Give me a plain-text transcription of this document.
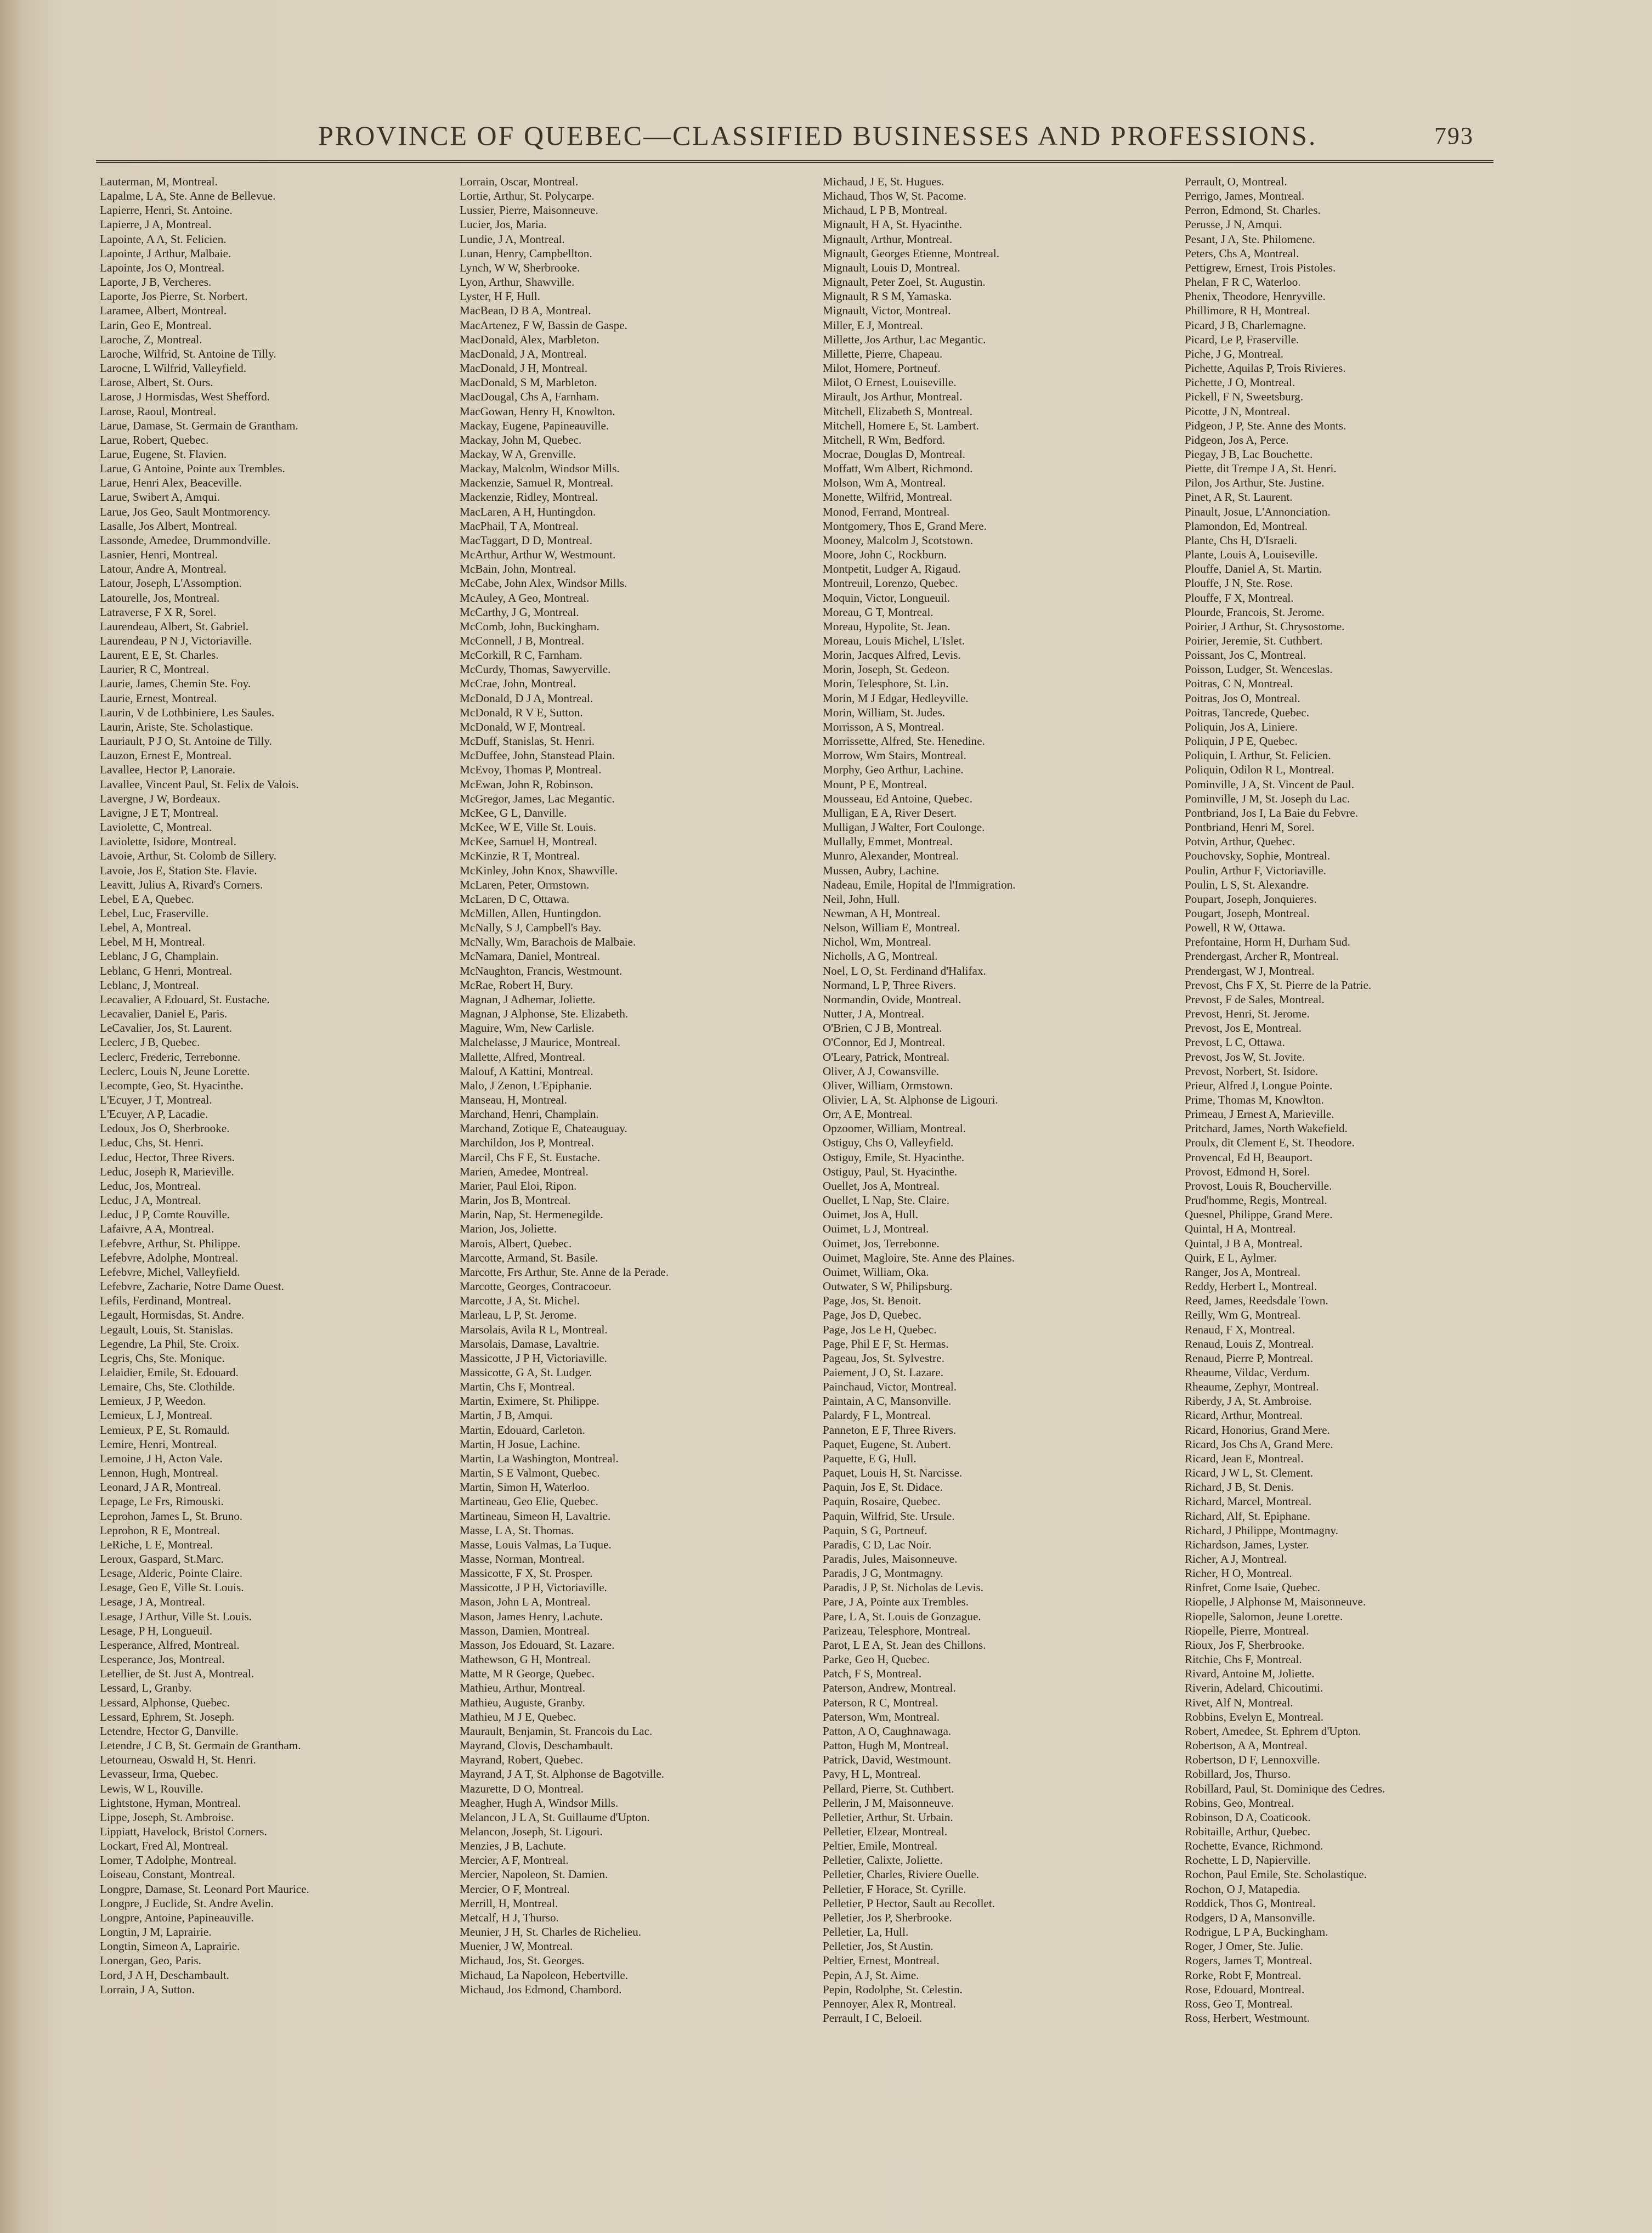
PROVINCE OF QUEBEC—CLASSIFIED BUSINESSES AND PROFESSIONS.	793
Lauterman, M, Montreal.
Lapalme, L A, Ste. Anne de Bellevue.
Lapierre, Henri, St. Antoine.
Lapierre, J A, Montreal.
Lapointe, A A, St. Felicien.
Lapointe, J Arthur, Malbaie.
Lapointe, Jos O, Montreal.
Laporte, J B, Vercheres.
Laporte, Jos Pierre, St. Norbert.
Laramee, Albert, Montreal.
Larin, Geo E, Montreal.
Laroche, Z, Montreal.
Laroche, Wilfrid, St. Antoine de Tilly.
Larocne, L Wilfrid, Valleyfield.
Larose, Albert, St. Ours.
Larose, J Hormisdas, West Shefford.
Larose, Raoul, Montreal.
Larue, Damase, St. Germain de Grantham.
Larue, Robert, Quebec.
Larue, Eugene, St. Flavien.
Larue, G Antoine, Pointe aux Trembles.
Larue, Henri Alex, Beaceville.
Larue, Swibert A, Amqui.
Larue, Jos Geo, Sault Montmorency.
Lasalle, Jos Albert, Montreal.
Lassonde, Amedee, Drummondville.
Lasnier, Henri, Montreal.
Latour, Andre A, Montreal.
Latour, Joseph, L'Assomption.
Latourelle, Jos, Montreal.
Latraverse, F X R, Sorel.
Laurendeau, Albert, St. Gabriel.
Laurendeau, P N J, Victoriaville.
Laurent, E E, St. Charles.
Laurier, R C, Montreal.
Laurie, James, Chemin Ste. Foy.
Laurie, Ernest, Montreal.
Laurin, V de Lothbiniere, Les Saules.
Laurin, Ariste, Ste. Scholastique.
Lauriault, P J O, St. Antoine de Tilly.
Lauzon, Ernest E, Montreal.
Lavallee, Hector P, Lanoraie.
Lavallee, Vincent Paul, St. Felix de Valois.
Lavergne, J W, Bordeaux.
Lavigne, J E T, Montreal.
Laviolette, C, Montreal.
Laviolette, Isidore, Montreal.
Lavoie, Arthur, St. Colomb de Sillery.
Lavoie, Jos E, Station Ste. Flavie.
Leavitt, Julius A, Rivard's Corners.
Lebel, E A, Quebec.
Lebel, Luc, Fraserville.
Lebel, A, Montreal.
Lebel, M H, Montreal.
Leblanc, J G, Champlain.
Leblanc, G Henri, Montreal.
Leblanc, J, Montreal.
Lecavalier, A Edouard, St. Eustache.
Lecavalier, Daniel E, Paris.
LeCavalier, Jos, St. Laurent.
Leclerc, J B, Quebec.
Leclerc, Frederic, Terrebonne.
Leclerc, Louis N, Jeune Lorette.
Lecompte, Geo, St. Hyacinthe.
L'Ecuyer, J T, Montreal.
L'Ecuyer, A P, Lacadie.
Ledoux, Jos O, Sherbrooke.
Leduc, Chs, St. Henri.
Leduc, Hector, Three Rivers.
Leduc, Joseph R, Marieville.
Leduc, Jos, Montreal.
Leduc, J A, Montreal.
Leduc, J P, Comte Rouville.
Lafaivre, A A, Montreal.
Lefebvre, Arthur, St. Philippe.
Lefebvre, Adolphe, Montreal.
Lefebvre, Michel, Valleyfield.
Lefebvre, Zacharie, Notre Dame Ouest.
Lefils, Ferdinand, Montreal.
Legault, Hormisdas, St. Andre.
Legault, Louis, St. Stanislas.
Legendre, La Phil, Ste. Croix.
Legris, Chs, Ste. Monique.
Lelaidier, Emile, St. Edouard.
Lemaire, Chs, Ste. Clothilde.
Lemieux, J P, Weedon.
Lemieux, L J, Montreal.
Lemieux, P E, St. Romauld.
Lemire, Henri, Montreal.
Lemoine, J H, Acton Vale.
Lennon, Hugh, Montreal.
Leonard, J A R, Montreal.
Lepage, Le Frs, Rimouski.
Leprohon, James L, St. Bruno.
Leprohon, R E, Montreal.
LeRiche, L E, Montreal.
Leroux, Gaspard, St.Marc.
Lesage, Alderic, Pointe Claire.
Lesage, Geo E, Ville St. Louis.
Lesage, J A, Montreal.
Lesage, J Arthur, Ville St. Louis.
Lesage, P H, Longueuil.
Lesperance, Alfred, Montreal.
Lesperance, Jos, Montreal.
Letellier, de St. Just A, Montreal.
Lessard, L, Granby.
Lessard, Alphonse, Quebec.
Lessard, Ephrem, St. Joseph.
Letendre, Hector G, Danville.
Letendre, J C B, St. Germain de Grantham.
Letourneau, Oswald H, St. Henri.
Levasseur, Irma, Quebec.
Lewis, W L, Rouville.
Lightstone, Hyman, Montreal.
Lippe, Joseph, St. Ambroise.
Lippiatt, Havelock, Bristol Corners.
Lockart, Fred Al, Montreal.
Lomer, T Adolphe, Montreal.
Loiseau, Constant, Montreal.
Longpre, Damase, St. Leonard Port Maurice.
Longpre, J Euclide, St. Andre Avelin.
Longpre, Antoine, Papineauville.
Longtin, J M, Laprairie.
Longtin, Simeon A, Laprairie.
Lonergan, Geo, Paris.
Lord, J A H, Deschambault.
Lorrain, J A, Sutton.
Lorrain, Oscar, Montreal.
Lortie, Arthur, St. Polycarpe.
Lussier, Pierre, Maisonneuve.
Lucier, Jos, Maria.
Lundie, J A, Montreal.
Lunan, Henry, Campbellton.
Lynch, W W, Sherbrooke.
Lyon, Arthur, Shawville.
Lyster, H F, Hull.
MacBean, D B A, Montreal.
MacArtenez, F W, Bassin de Gaspe.
MacDonald, Alex, Marbleton.
MacDonald, J A, Montreal.
MacDonald, J H, Montreal.
MacDonald, S M, Marbleton.
MacDougal, Chs A, Farnham.
MacGowan, Henry H, Knowlton.
Mackay, Eugene, Papineauville.
Mackay, John M, Quebec.
Mackay, W A, Grenville.
Mackay, Malcolm, Windsor Mills.
Mackenzie, Samuel R, Montreal.
Mackenzie, Ridley, Montreal.
MacLaren, A H, Huntingdon.
MacPhail, T A, Montreal.
MacTaggart, D D, Montreal.
McArthur, Arthur W, Westmount.
McBain, John, Montreal.
McCabe, John Alex, Windsor Mills.
McAuley, A Geo, Montreal.
McCarthy, J G, Montreal.
McComb, John, Buckingham.
McConnell, J B, Montreal.
McCorkill, R C, Farnham.
McCurdy, Thomas, Sawyerville.
McCrae, John, Montreal.
McDonald, D J A, Montreal.
McDonald, R V E, Sutton.
McDonald, W F, Montreal.
McDuff, Stanislas, St. Henri.
McDuffee, John, Stanstead Plain.
McEvoy, Thomas P, Montreal.
McEwan, John R, Robinson.
McGregor, James, Lac Megantic.
McKee, G L, Danville.
McKee, W E, Ville St. Louis.
McKee, Samuel H, Montreal.
McKinzie, R T, Montreal.
McKinley, John Knox, Shawville.
McLaren, Peter, Ormstown.
McLaren, D C, Ottawa.
McMillen, Allen, Huntingdon.
McNally, S J, Campbell's Bay.
McNally, Wm, Barachois de Malbaie.
McNamara, Daniel, Montreal.
McNaughton, Francis, Westmount.
McRae, Robert H, Bury.
Magnan, J Adhemar, Joliette.
Magnan, J Alphonse, Ste. Elizabeth.
Maguire, Wm, New Carlisle.
Malchelasse, J Maurice, Montreal.
Mallette, Alfred, Montreal.
Malouf, A Kattini, Montreal.
Malo, J Zenon, L'Epiphanie.
Manseau, H, Montreal.
Marchand, Henri, Champlain.
Marchand, Zotique E, Chateauguay.
Marchildon, Jos P, Montreal.
Marcil, Chs F E, St. Eustache.
Marien, Amedee, Montreal.
Marier, Paul Eloi, Ripon.
Marin, Jos B, Montreal.
Marin, Nap, St. Hermenegilde.
Marion, Jos, Joliette.
Marois, Albert, Quebec.
Marcotte, Armand, St. Basile.
Marcotte, Frs Arthur, Ste. Anne de la Perade.
Marcotte, Georges, Contracoeur.
Marcotte, J A, St. Michel.
Marleau, L P, St. Jerome.
Marsolais, Avila R L, Montreal.
Marsolais, Damase, Lavaltrie.
Massicotte, J P H, Victoriaville.
Massicotte, G A, St. Ludger.
Martin, Chs F, Montreal.
Martin, Eximere, St. Philippe.
Martin, J B, Amqui.
Martin, Edouard, Carleton.
Martin, H Josue, Lachine.
Martin, La Washington, Montreal.
Martin, S E Valmont, Quebec.
Martin, Simon H, Waterloo.
Martineau, Geo Elie, Quebec.
Martineau, Simeon H, Lavaltrie.
Masse, L A, St. Thomas.
Masse, Louis Valmas, La Tuque.
Masse, Norman, Montreal.
Massicotte, F X, St. Prosper.
Massicotte, J P H, Victoriaville.
Mason, John L A, Montreal.
Mason, James Henry, Lachute.
Masson, Damien, Montreal.
Masson, Jos Edouard, St. Lazare.
Mathewson, G H, Montreal.
Matte, M R George, Quebec.
Mathieu, Arthur, Montreal.
Mathieu, Auguste, Granby.
Mathieu, M J E, Quebec.
Maurault, Benjamin, St. Francois du Lac.
Mayrand, Clovis, Deschambault.
Mayrand, Robert, Quebec.
Mayrand, J A T, St. Alphonse de Bagotville.
Mazurette, D O, Montreal.
Meagher, Hugh A, Windsor Mills.
Melancon, J L A, St. Guillaume d'Upton.
Melancon, Joseph, St. Ligouri.
Menzies, J B, Lachute.
Mercier, A F, Montreal.
Mercier, Napoleon, St. Damien.
Mercier, O F, Montreal.
Merrill, H, Montreal.
Metcalf, H J, Thurso.
Meunier, J H, St. Charles de Richelieu.
Muenier, J W, Montreal.
Michaud, Jos, St. Georges.
Michaud, La Napoleon, Hebertville.
Michaud, Jos Edmond, Chambord.
Michaud, J E, St. Hugues.
Michaud, Thos W, St. Pacome.
Michaud, L P B, Montreal.
Mignault, H A, St. Hyacinthe.
Mignault, Arthur, Montreal.
Mignault, Georges Etienne, Montreal.
Mignault, Louis D, Montreal.
Mignault, Peter Zoel, St. Augustin.
Mignault, R S M, Yamaska.
Mignault, Victor, Montreal.
Miller, E J, Montreal.
Millette, Jos Arthur, Lac Megantic.
Millette, Pierre, Chapeau.
Milot, Homere, Portneuf.
Milot, O Ernest, Louiseville.
Mirault, Jos Arthur, Montreal.
Mitchell, Elizabeth S, Montreal.
Mitchell, Homere E, St. Lambert.
Mitchell, R Wm, Bedford.
Mocrae, Douglas D, Montreal.
Moffatt, Wm Albert, Richmond.
Molson, Wm A, Montreal.
Monette, Wilfrid, Montreal.
Monod, Ferrand, Montreal.
Montgomery, Thos E, Grand Mere.
Mooney, Malcolm J, Scotstown.
Moore, John C, Rockburn.
Montpetit, Ludger A, Rigaud.
Montreuil, Lorenzo, Quebec.
Moquin, Victor, Longueuil.
Moreau, G T, Montreal.
Moreau, Hypolite, St. Jean.
Moreau, Louis Michel, L'Islet.
Morin, Jacques Alfred, Levis.
Morin, Joseph, St. Gedeon.
Morin, Telesphore, St. Lin.
Morin, M J Edgar, Hedleyville.
Morin, William, St. Judes.
Morrisson, A S, Montreal.
Morrissette, Alfred, Ste. Henedine.
Morrow, Wm Stairs, Montreal.
Morphy, Geo Arthur, Lachine.
Mount, P E, Montreal.
Mousseau, Ed Antoine, Quebec.
Mulligan, E A, River Desert.
Mulligan, J Walter, Fort Coulonge.
Mullally, Emmet, Montreal.
Munro, Alexander, Montreal.
Mussen, Aubry, Lachine.
Nadeau, Emile, Hopital de l'Immigration.
Neil, John, Hull.
Newman, A H, Montreal.
Nelson, William E, Montreal.
Nichol, Wm, Montreal.
Nicholls, A G, Montreal.
Noel, L O, St. Ferdinand d'Halifax.
Normand, L P, Three Rivers.
Normandin, Ovide, Montreal.
Nutter, J A, Montreal.
O'Brien, C J B, Montreal.
O'Connor, Ed J, Montreal.
O'Leary, Patrick, Montreal.
Oliver, A J, Cowansville.
Oliver, William, Ormstown.
Olivier, L A, St. Alphonse de Ligouri.
Orr, A E, Montreal.
Opzoomer, William, Montreal.
Ostiguy, Chs O, Valleyfield.
Ostiguy, Emile, St. Hyacinthe.
Ostiguy, Paul, St. Hyacinthe.
Ouellet, Jos A, Montreal.
Ouellet, L Nap, Ste. Claire.
Ouimet, Jos A, Hull.
Ouimet, L J, Montreal.
Ouimet, Jos, Terrebonne.
Ouimet, Magloire, Ste. Anne des Plaines.
Ouimet, William, Oka.
Outwater, S W, Philipsburg.
Page, Jos, St. Benoit.
Page, Jos D, Quebec.
Page, Jos Le H, Quebec.
Page, Phil E F, St. Hermas.
Pageau, Jos, St. Sylvestre.
Paiement, J O, St. Lazare.
Painchaud, Victor, Montreal.
Paintain, A C, Mansonville.
Palardy, F L, Montreal.
Panneton, E F, Three Rivers.
Paquet, Eugene, St. Aubert.
Paquette, E G, Hull.
Paquet, Louis H, St. Narcisse.
Paquin, Jos E, St. Didace.
Paquin, Rosaire, Quebec.
Paquin, Wilfrid, Ste. Ursule.
Paquin, S G, Portneuf.
Paradis, C D, Lac Noir.
Paradis, Jules, Maisonneuve.
Paradis, J G, Montmagny.
Paradis, J P, St. Nicholas de Levis.
Pare, J A, Pointe aux Trembles.
Pare, L A, St. Louis de Gonzague.
Parizeau, Telesphore, Montreal.
Parot, L E A, St. Jean des Chillons.
Parke, Geo H, Quebec.
Patch, F S, Montreal.
Paterson, Andrew, Montreal.
Paterson, R C, Montreal.
Paterson, Wm, Montreal.
Patton, A O, Caughnawaga.
Patton, Hugh M, Montreal.
Patrick, David, Westmount.
Pavy, H L, Montreal.
Pellard, Pierre, St. Cuthbert.
Pellerin, J M, Maisonneuve.
Pelletier, Arthur, St. Urbain.
Pelletier, Elzear, Montreal.
Peltier, Emile, Montreal.
Pelletier, Calixte, Joliette.
Pelletier, Charles, Riviere Ouelle.
Pelletier, F Horace, St. Cyrille.
Pelletier, P Hector, Sault au Recollet.
Pelletier, Jos P, Sherbrooke.
Pelletier, La, Hull.
Pelletier, Jos, St Austin.
Peltier, Ernest, Montreal.
Pepin, A J, St. Aime.
Pepin, Rodolphe, St. Celestin.
Pennoyer, Alex R, Montreal.
Perrault, I C, Beloeil.
Perrault, O, Montreal.
Perrigo, James, Montreal.
Perron, Edmond, St. Charles.
Perusse, J N, Amqui.
Pesant, J A, Ste. Philomene.
Peters, Chs A, Montreal.
Pettigrew, Ernest, Trois Pistoles.
Phelan, F R C, Waterloo.
Phenix, Theodore, Henryville.
Phillimore, R H, Montreal.
Picard, J B, Charlemagne.
Picard, Le P, Fraserville.
Piche, J G, Montreal.
Pichette, Aquilas P, Trois Rivieres.
Pichette, J O, Montreal.
Pickell, F N, Sweetsburg.
Picotte, J N, Montreal.
Pidgeon, J P, Ste. Anne des Monts.
Pidgeon, Jos A, Perce.
Piegay, J B, Lac Bouchette.
Piette, dit Trempe J A, St. Henri.
Pilon, Jos Arthur, Ste. Justine.
Pinet, A R, St. Laurent.
Pinault, Josue, L'Annonciation.
Plamondon, Ed, Montreal.
Plante, Chs H, D'Israeli.
Plante, Louis A, Louiseville.
Plouffe, Daniel A, St. Martin.
Plouffe, J N, Ste. Rose.
Plouffe, F X, Montreal.
Plourde, Francois, St. Jerome.
Poirier, J Arthur, St. Chrysostome.
Poirier, Jeremie, St. Cuthbert.
Poissant, Jos C, Montreal.
Poisson, Ludger, St. Wenceslas.
Poitras, C N, Montreal.
Poitras, Jos O, Montreal.
Poitras, Tancrede, Quebec.
Poliquin, Jos A, Liniere.
Poliquin, J P E, Quebec.
Poliquin, L Arthur, St. Felicien.
Poliquin, Odilon R L, Montreal.
Pominville, J A, St. Vincent de Paul.
Pominville, J M, St. Joseph du Lac.
Pontbriand, Jos I, La Baie du Febvre.
Pontbriand, Henri M, Sorel.
Potvin, Arthur, Quebec.
Pouchovsky, Sophie, Montreal.
Poulin, Arthur F, Victoriaville.
Poulin, L S, St. Alexandre.
Poupart, Joseph, Jonquieres.
Pougart, Joseph, Montreal.
Powell, R W, Ottawa.
Prefontaine, Horm H, Durham Sud.
Prendergast, Archer R, Montreal.
Prendergast, W J, Montreal.
Prevost, Chs F X, St. Pierre de la Patrie.
Prevost, F de Sales, Montreal.
Prevost, Henri, St. Jerome.
Prevost, Jos E, Montreal.
Prevost, L C, Ottawa.
Prevost, Jos W, St. Jovite.
Prevost, Norbert, St. Isidore.
Prieur, Alfred J, Longue Pointe.
Prime, Thomas M, Knowlton.
Primeau, J Ernest A, Marieville.
Pritchard, James, North Wakefield.
Proulx, dit Clement E, St. Theodore.
Provencal, Ed H, Beauport.
Provost, Edmond H, Sorel.
Provost, Louis R, Boucherville.
Prud'homme, Regis, Montreal.
Quesnel, Philippe, Grand Mere.
Quintal, H A, Montreal.
Quintal, J B A, Montreal.
Quirk, E L, Aylmer.
Ranger, Jos A, Montreal.
Reddy, Herbert L, Montreal.
Reed, James, Reedsdale Town.
Reilly, Wm G, Montreal.
Renaud, F X, Montreal.
Renaud, Louis Z, Montreal.
Renaud, Pierre P, Montreal.
Rheaume, Vildac, Verdum.
Rheaume, Zephyr, Montreal.
Riberdy, J A, St. Ambroise.
Ricard, Arthur, Montreal.
Ricard, Honorius, Grand Mere.
Ricard, Jos Chs A, Grand Mere.
Ricard, Jean E, Montreal.
Ricard, J W L, St. Clement.
Richard, J B, St. Denis.
Richard, Marcel, Montreal.
Richard, Alf, St. Epiphane.
Richard, J Philippe, Montmagny.
Richardson, James, Lyster.
Richer, A J, Montreal.
Richer, H O, Montreal.
Rinfret, Come Isaie, Quebec.
Riopelle, J Alphonse M, Maisonneuve.
Riopelle, Salomon, Jeune Lorette.
Riopelle, Pierre, Montreal.
Rioux, Jos F, Sherbrooke.
Ritchie, Chs F, Montreal.
Rivard, Antoine M, Joliette.
Riverin, Adelard, Chicoutimi.
Rivet, Alf N, Montreal.
Robbins, Evelyn E, Montreal.
Robert, Amedee, St. Ephrem d'Upton.
Robertson, A A, Montreal.
Robertson, D F, Lennoxville.
Robillard, Jos, Thurso.
Robillard, Paul, St. Dominique des Cedres.
Robins, Geo, Montreal.
Robinson, D A, Coaticook.
Robitaille, Arthur, Quebec.
Rochette, Evance, Richmond.
Rochette, L D, Napierville.
Rochon, Paul Emile, Ste. Scholastique.
Rochon, O J, Matapedia.
Roddick, Thos G, Montreal.
Rodgers, D A, Mansonville.
Rodrigue, L P A, Buckingham.
Roger, J Omer, Ste. Julie.
Rogers, James T, Montreal.
Rorke, Robt F, Montreal.
Rose, Edouard, Montreal.
Ross, Geo T, Montreal.
Ross, Herbert, Westmount.
